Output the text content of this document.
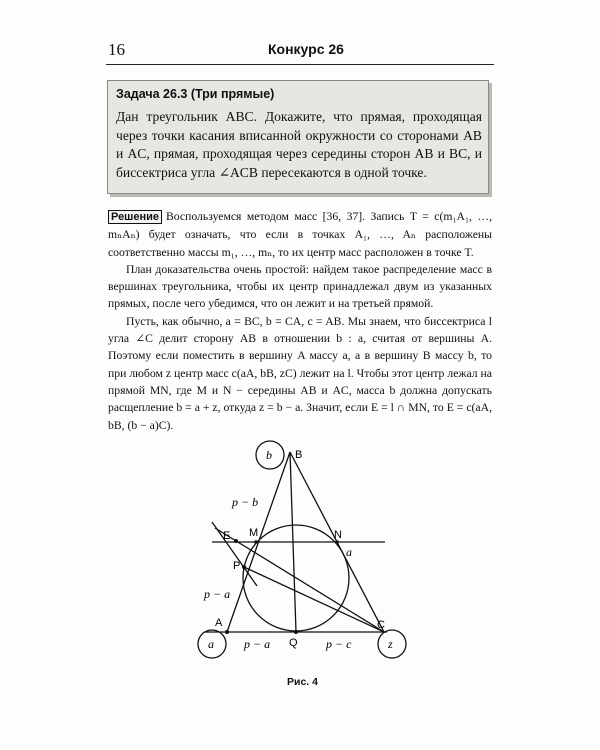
16	Конкурс 26
Задача 26.3 (Три прямые)
Дан треугольник ABC. Докажите, что прямая, проходящая через точки касания вписанной окружности со сторонами AB и AC, прямая, проходящая через середины сторон AB и BC, и биссектриса угла ∠ACB пересекаются в одной точке.

Решение Воспользуемся методом масс [36, 37]. Запись T = c(m₁A₁, …, mₙAₙ) будет означать, что если в точках A₁, …, Aₙ расположены соответственно массы m₁, …, mₙ, то их центр масс расположен в точке T.

План доказательства очень простой: найдем такое распределение масс в вершинах треугольника, чтобы их центр принадлежал двум из указанных прямых, после чего убедимся, что он лежит и на третьей прямой.

Пусть, как обычно, a = BC, b = CA, c = AB. Мы знаем, что биссектриса l угла ∠C делит сторону AB в отношении b : a, считая от вершины A. Поэтому если поместить в вершину A массу a, а в вершину B массу b, то при любом z центр масс c(aA, bB, zC) лежит на l. Чтобы этот центр лежал на прямой MN, где M и N − середины AB и AC, масса b должна допускать расщепление b = a + z, откуда z = b − a. Значит, если E = l ∩ MN, то E = c(aA, bB, (b − a)C).

B
E M	N
P
A
Q
C
b
a	z
p − b
p − a
p − a	p − c
a
Рис. 4
